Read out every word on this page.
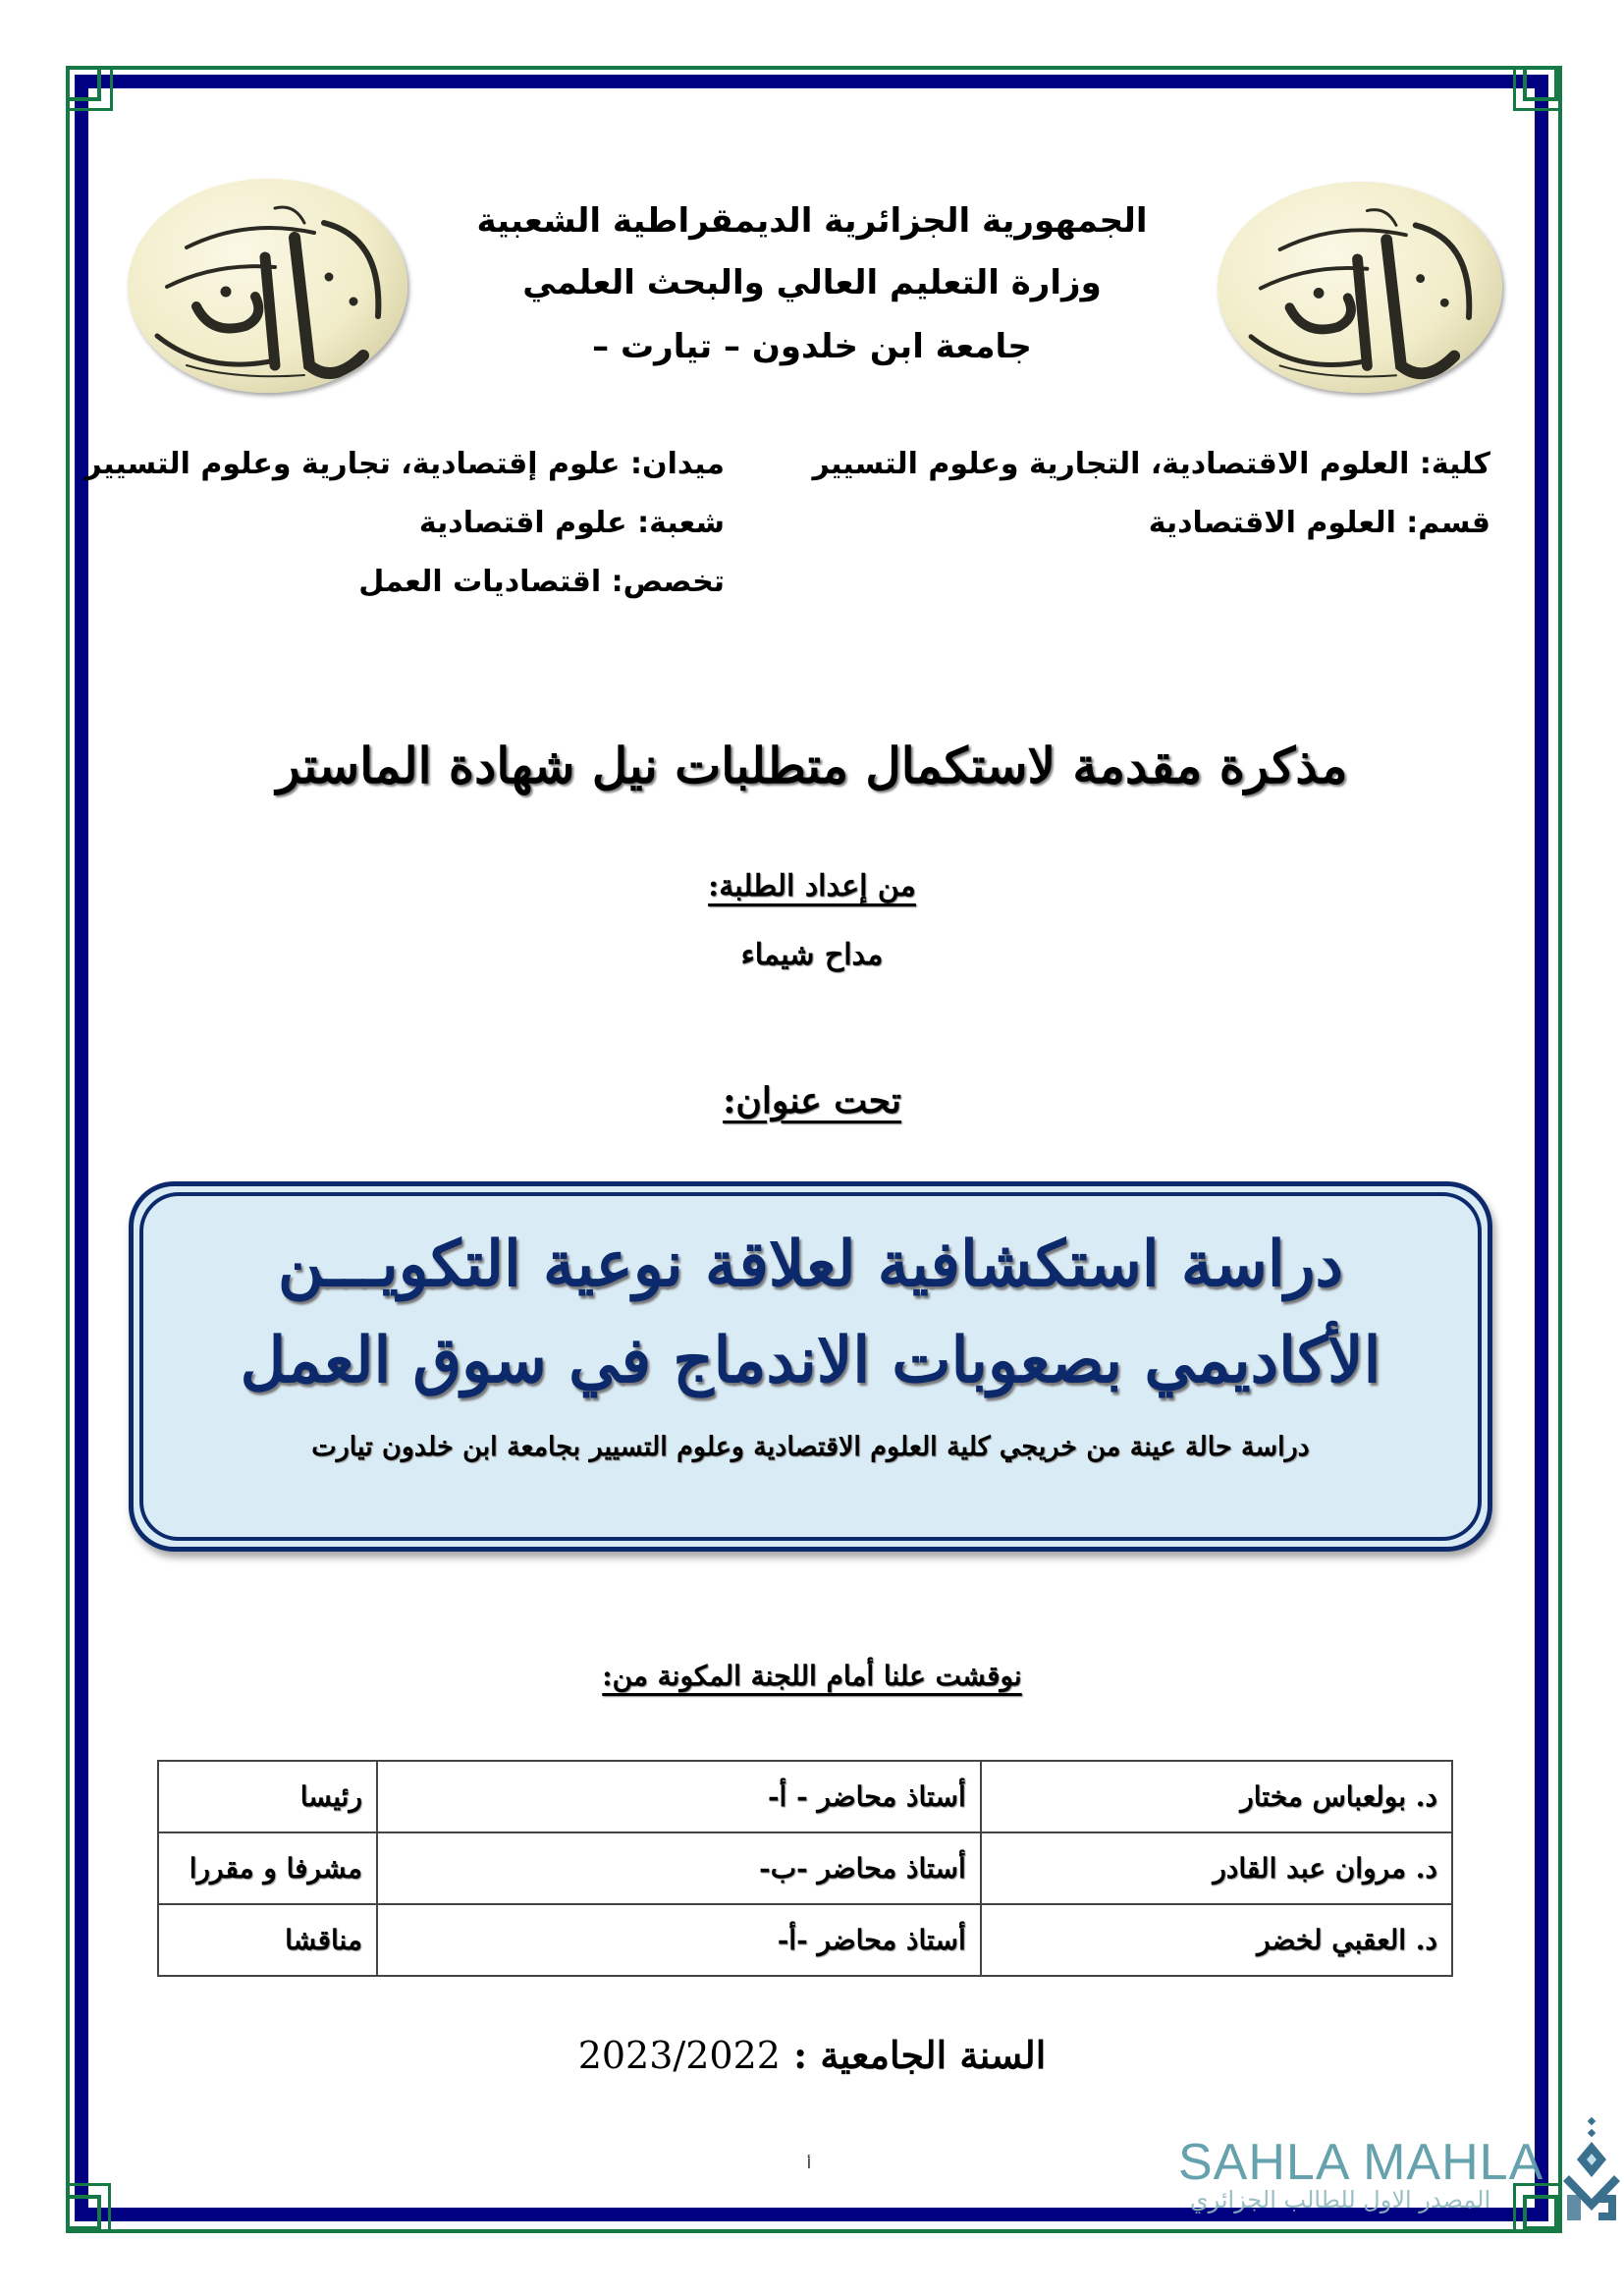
الجمهورية الجزائرية الديمقراطية الشعبية
وزارة التعليم العالي والبحث العلمي
جامعة ابن خلدون – تيارت –
كلية: العلوم الاقتصادية، التجارية وعلوم التسيير
قسم: العلوم الاقتصادية
ميدان: علوم إقتصادية، تجارية وعلوم التسيير
شعبة: علوم اقتصادية
تخصص: اقتصاديات العمل
مذكرة مقدمة لاستكمال متطلبات نيل شهادة الماستر
من إعداد الطلبة:
مداح شيماء
تحت عنوان:
دراسة استكشافية لعلاقة نوعية التكويـــن
الأكاديمي بصعوبات الاندماج في سوق العمل
دراسة حالة عينة من خريجي كلية العلوم الاقتصادية وعلوم التسيير بجامعة ابن خلدون تيارت
نوقشت علنا أمام اللجنة المكونة من:
د. بولعباس مختار	أستاذ محاضر - أ-	رئيسا
د. مروان عبد القادر	أستاذ محاضر -ب-	مشرفا و مقررا
د. العقبي لخضر	أستاذ محاضر -أ-	مناقشا
السنة الجامعية : 2023/2022
أ	SAHLA MAHLA
المصدر الاول للطالب الجزائري
